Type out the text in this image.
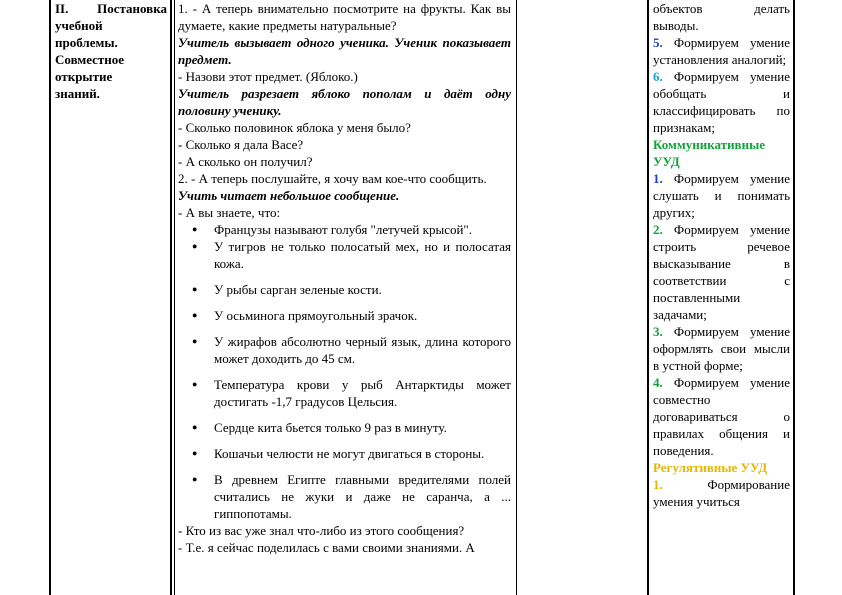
II. Постановка
учебной
проблемы.
Совместное
открытие
знаний.

1. - А теперь внимательно посмотрите на фрукты. Как вы думаете, какие предметы натуральные?

Учитель вызывает одного ученика. Ученик показывает предмет.

- Назови этот предмет. (Яблоко.)

Учитель разрезает яблоко пополам и даёт одну половину ученику.

- Сколько половинок яблока у меня было?

- Сколько я дала Васе?

- А сколько он получил?

2. - А теперь послушайте, я хочу вам кое-что сообщить.

Учить читает небольшое сообщение.

- А вы знаете, что:

● Французы называют голубя "летучей крысой".

● У тигров не только полосатый мех, но и полосатая кожа.

● У рыбы сарган зеленые кости.

● У осьминога прямоугольный зрачок.

● У жирафов абсолютно черный язык, длина которого может доходить до 45 см.

● Температура крови у рыб Антарктиды может достигать -1,7 градусов Цельсия.

● Сердце кита бьется только 9 раз в минуту.

● Кошачьи челюсти не могут двигаться в стороны.

● В древнем Египте главными вредителями полей считались не жуки и даже не саранча, а ... гиппопотамы.

- Кто из вас уже знал что-либо из этого сообщения?

- Т.е. я сейчас поделилась с вами своими знаниями. А

объектов делать

выводы.

5. Формируем умение установления аналогий;

6. Формируем умение обобщать и классифицировать по признакам;

Коммуникативные УУД

1. Формируем умение слушать и понимать других;

2. Формируем умение строить речевое высказывание в соответствии с поставленными задачами;

3. Формируем умение оформлять свои мысли в устной форме;

4. Формируем умение совместно договариваться о правилах общения и поведения.

Регулятивные УУД

1.	Формирование умения учиться
